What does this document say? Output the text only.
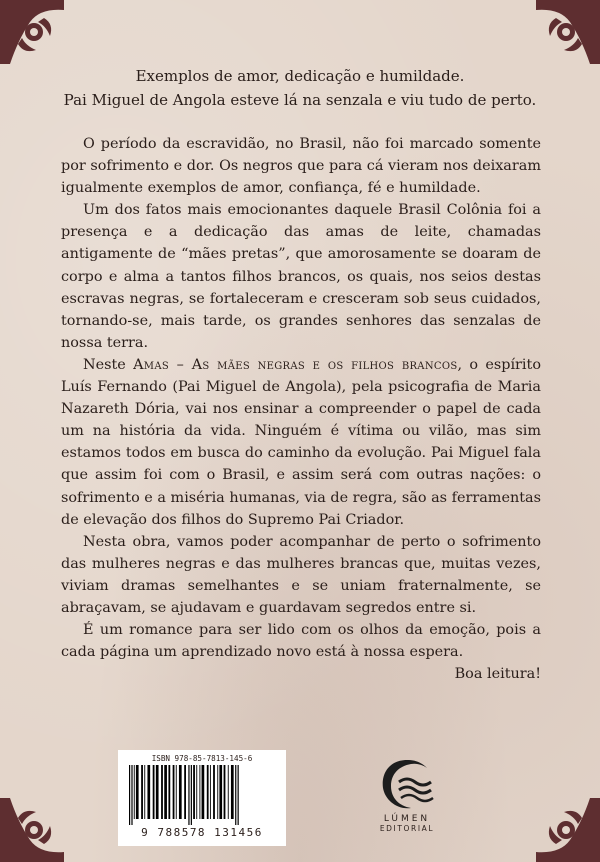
Exemplos de amor, dedicação e humildade.
Pai Miguel de Angola esteve lá na senzala e viu tudo de perto.

O período da escravidão, no Brasil, não foi marcado somente por sofrimento e dor. Os negros que para cá vieram nos deixaram igualmente exemplos de amor, confiança, fé e humildade.

Um dos fatos mais emocionantes daquele Brasil Colônia foi a presença e a dedicação das amas de leite, chamadas antigamente de “mães pretas”, que amorosamente se doaram de corpo e alma a tantos filhos brancos, os quais, nos seios destas escravas negras, se fortaleceram e cresceram sob seus cuidados, tornando-se, mais tarde, os grandes senhores das senzalas de nossa terra.

Neste Amas – As mães negras e os filhos brancos, o espírito Luís Fernando (Pai Miguel de Angola), pela psicografia de Maria Nazareth Dória, vai nos ensinar a compreender o papel de cada um na história da vida. Ninguém é vítima ou vilão, mas sim estamos todos em busca do caminho da evolução. Pai Miguel fala que assim foi com o Brasil, e assim será com outras nações: o sofrimento e a miséria humanas, via de regra, são as ferramentas de elevação dos filhos do Supremo Pai Criador.

Nesta obra, vamos poder acompanhar de perto o sofrimento das mulheres negras e das mulheres brancas que, muitas vezes, viviam dramas semelhantes e se uniam fraternalmente, se abraçavam, se ajudavam e guardavam segredos entre si.

É um romance para ser lido com os olhos da emoção, pois a cada página um aprendizado novo está à nossa espera.

Boa leitura!

ISBN 978-85-7813-145-6
9 788578 131456
LÚMEN
EDITORIAL
